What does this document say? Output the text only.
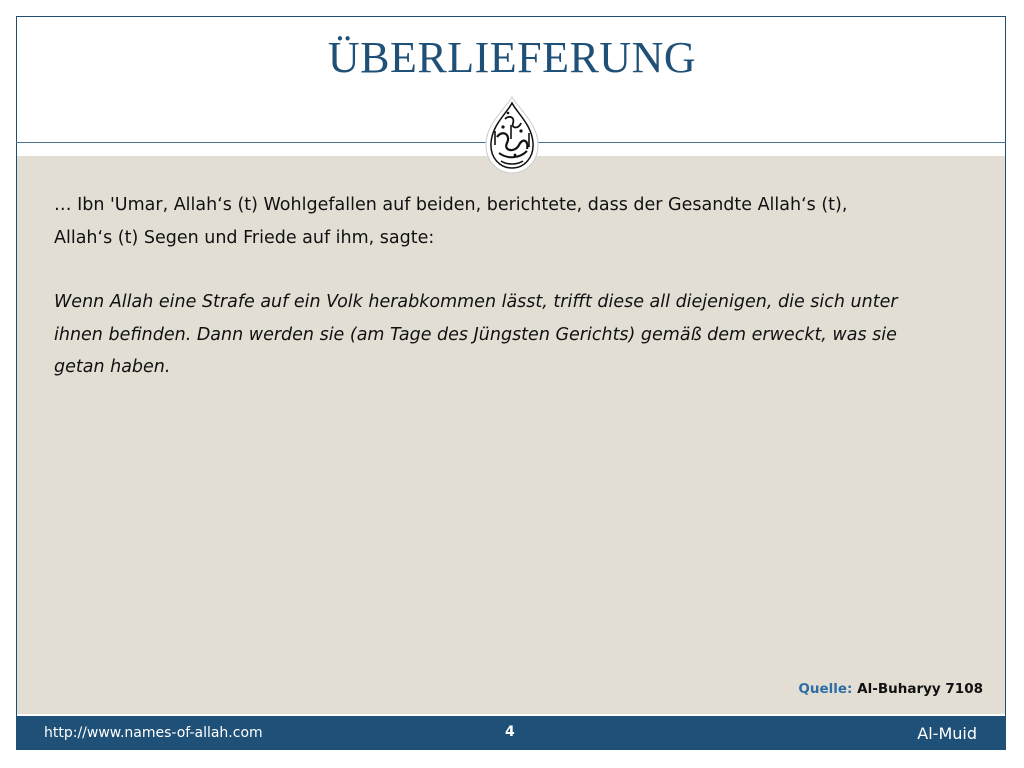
ÜBERLIEFERUNG

… Ibn 'Umar, Allah‘s (t) Wohlgefallen auf beiden, berichtete, dass der Gesandte Allah‘s (t),
Allah‘s (t) Segen und Friede auf ihm, sagte:

Wenn Allah eine Strafe auf ein Volk herabkommen lässt, trifft diese all diejenigen, die sich unter
ihnen befinden. Dann werden sie (am Tage des Jüngsten Gerichts) gemäß dem erweckt, was sie
getan haben.

Quelle: Al-Buharyy 7108
http://www.names-of-allah.com	4	Al-Muid
